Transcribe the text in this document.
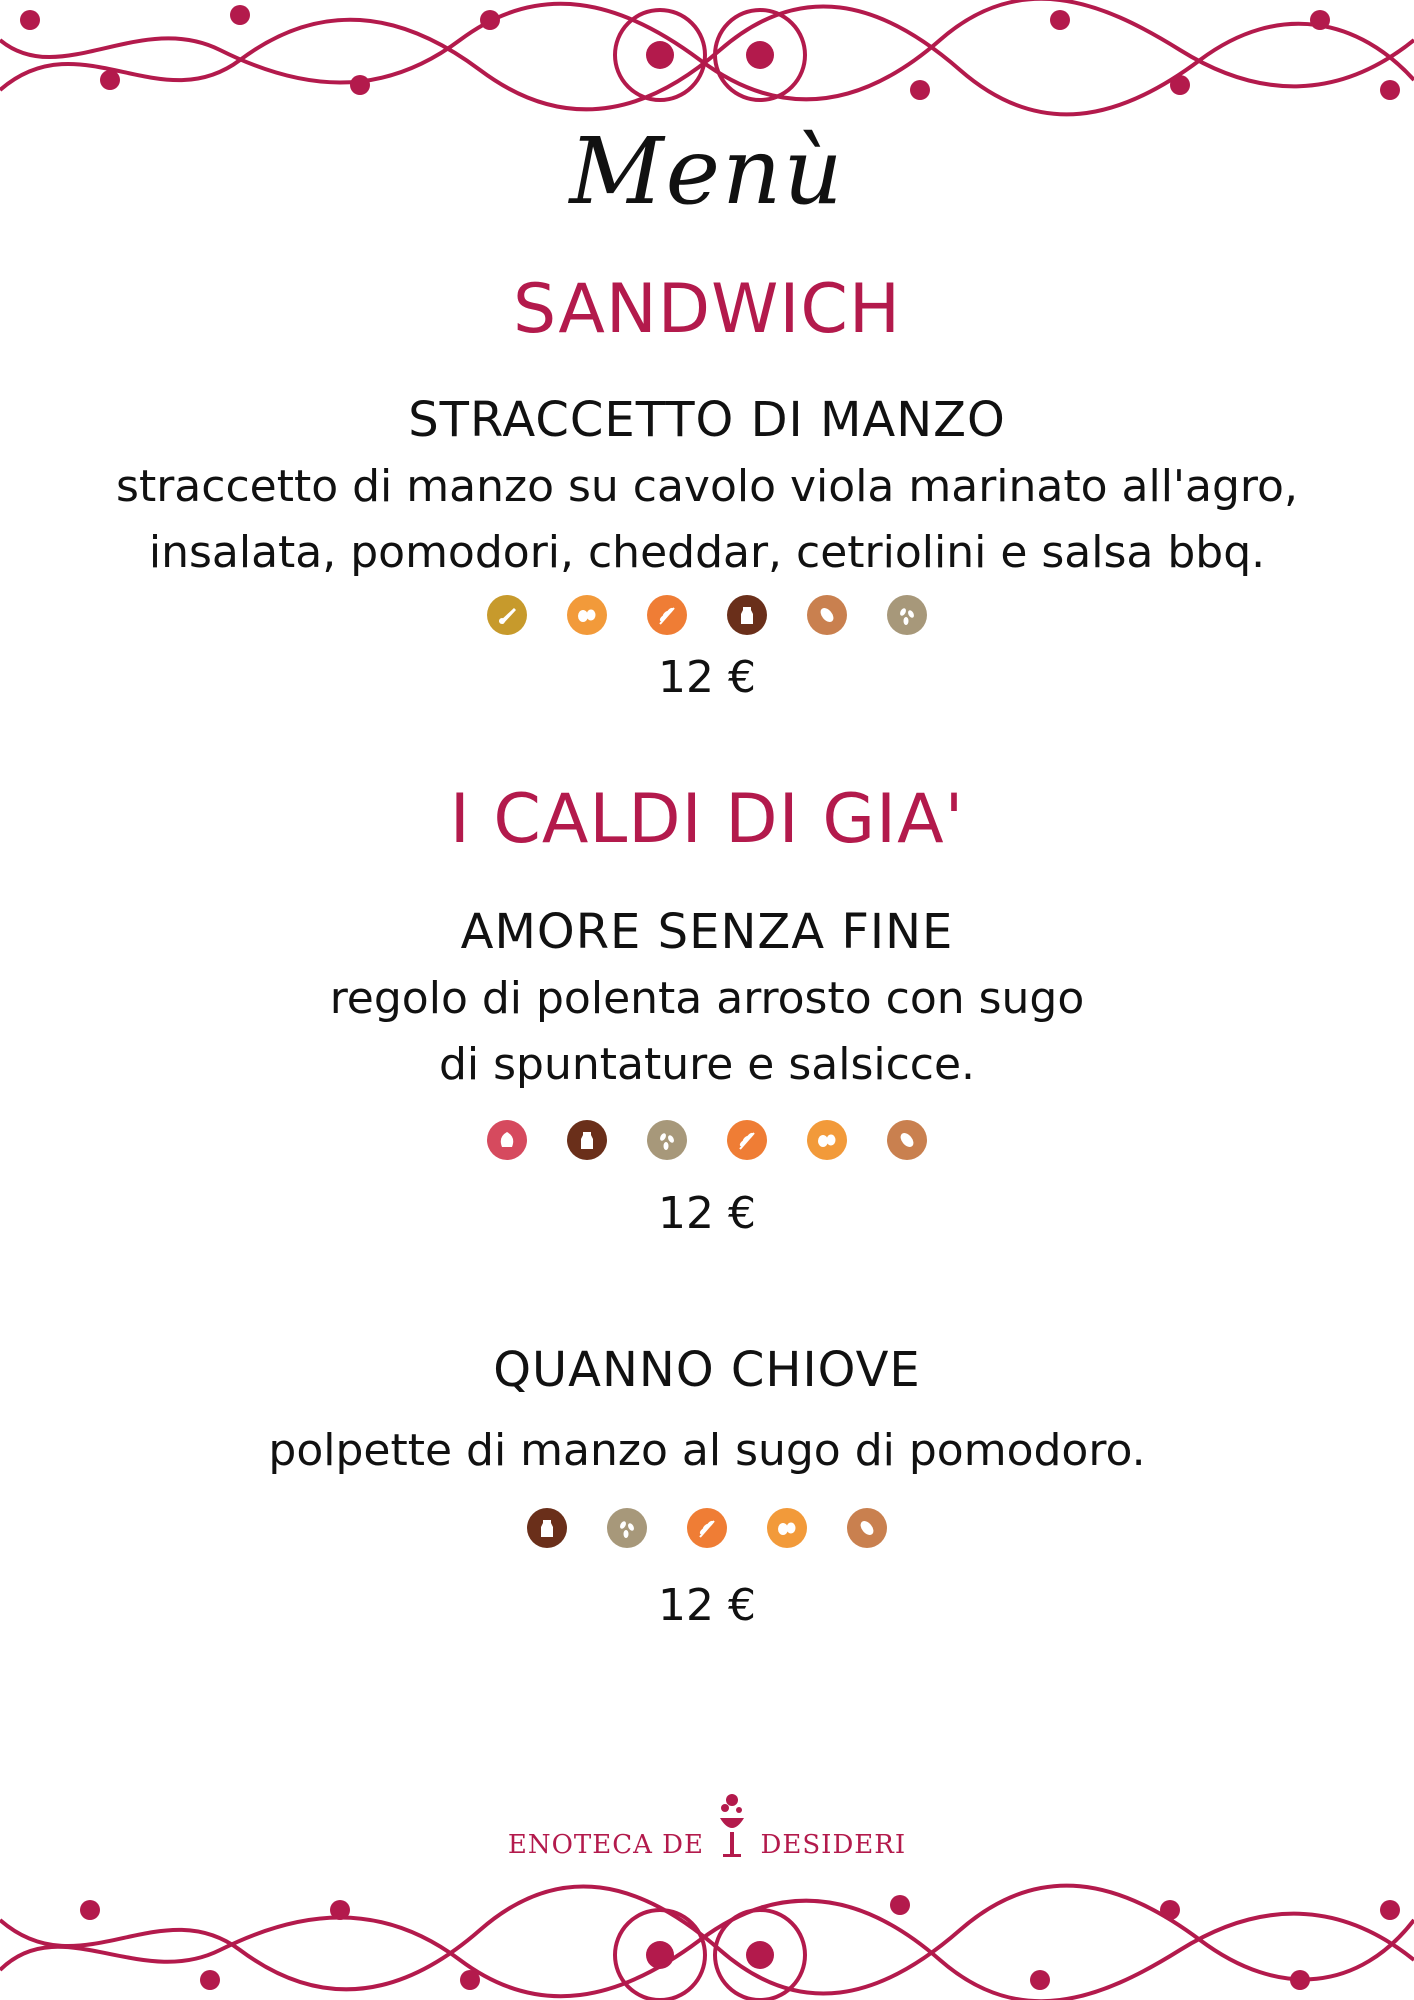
Menù
SANDWICH
STRACCETTO DI MANZO
straccetto di manzo su cavolo viola marinato all'agro,
insalata, pomodori, cheddar, cetriolini e salsa bbq.
12 €
I CALDI DI GIA'
AMORE SENZA FINE
regolo di polenta arrosto con sugo
di spuntature e salsicce.
12 €
QUANNO CHIOVE
polpette di manzo al sugo di pomodoro.
12 €
ENOTECA DE DESIDERI
